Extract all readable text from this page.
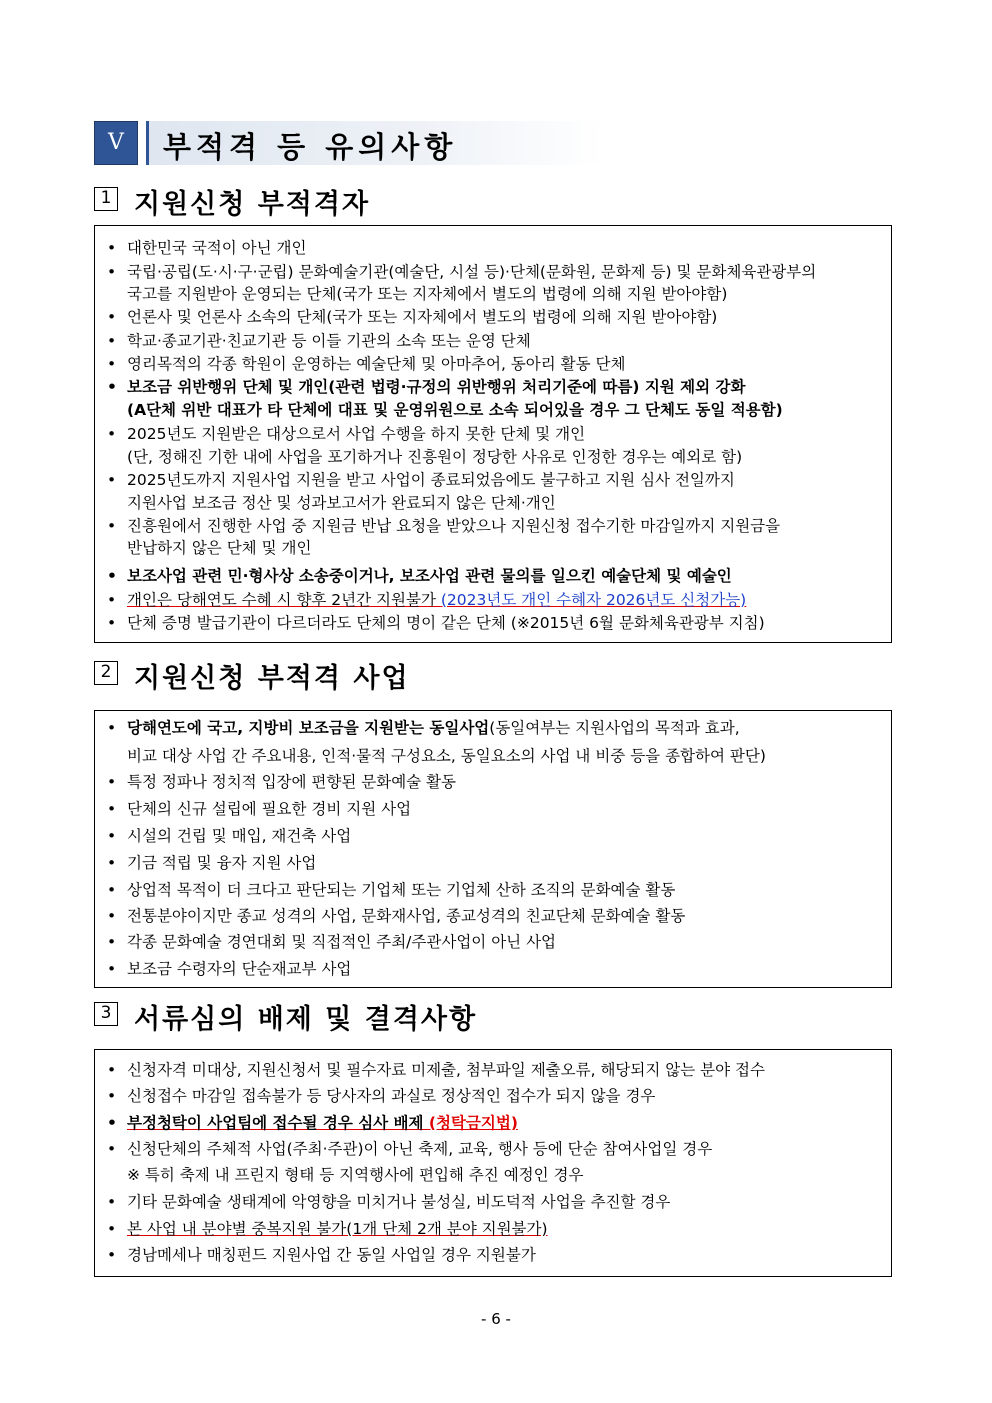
Ⅴ	부적격 등 유의사항
1 지원신청 부적격자
• 대한민국 국적이 아닌 개인
• 국립·공립(도·시·구·군립) 문화예술기관(예술단, 시설 등)·단체(문화원, 문화제 등) 및 문화체육관광부의
국고를 지원받아 운영되는 단체(국가 또는 지자체에서 별도의 법령에 의해 지원 받아야함)
• 언론사 및 언론사 소속의 단체(국가 또는 지자체에서 별도의 법령에 의해 지원 받아야함)
• 학교·종교기관·친교기관 등 이들 기관의 소속 또는 운영 단체
• 영리목적의 각종 학원이 운영하는 예술단체 및 아마추어, 동아리 활동 단체
• 보조금 위반행위 단체 및 개인(관련 법령·규정의 위반행위 처리기준에 따름) 지원 제외 강화
(A단체 위반 대표가 타 단체에 대표 및 운영위원으로 소속 되어있을 경우 그 단체도 동일 적용함)
• 2025년도 지원받은 대상으로서 사업 수행을 하지 못한 단체 및 개인
(단, 정해진 기한 내에 사업을 포기하거나 진흥원이 정당한 사유로 인정한 경우는 예외로 함)
• 2025년도까지 지원사업 지원을 받고 사업이 종료되었음에도 불구하고 지원 심사 전일까지
지원사업 보조금 정산 및 성과보고서가 완료되지 않은 단체·개인
• 진흥원에서 진행한 사업 중 지원금 반납 요청을 받았으나 지원신청 접수기한 마감일까지 지원금을
반납하지 않은 단체 및 개인
• 보조사업 관련 민·형사상 소송중이거나, 보조사업 관련 물의를 일으킨 예술단체 및 예술인
• 개인은 당해연도 수혜 시 향후 2년간 지원불가 (2023년도 개인 수혜자 2026년도 신청가능)
• 단체 증명 발급기관이 다르더라도 단체의 명이 같은 단체 (※2015년 6월 문화체육관광부 지침)
2 지원신청 부적격 사업
• 당해연도에 국고, 지방비 보조금을 지원받는 동일사업(동일여부는 지원사업의 목적과 효과,
비교 대상 사업 간 주요내용, 인적·물적 구성요소, 동일요소의 사업 내 비중 등을 종합하여 판단)
• 특정 정파나 정치적 입장에 편향된 문화예술 활동
• 단체의 신규 설립에 필요한 경비 지원 사업
• 시설의 건립 및 매입, 재건축 사업
• 기금 적립 및 융자 지원 사업
• 상업적 목적이 더 크다고 판단되는 기업체 또는 기업체 산하 조직의 문화예술 활동
• 전통분야이지만 종교 성격의 사업, 문화재사업, 종교성격의 친교단체 문화예술 활동
• 각종 문화예술 경연대회 및 직접적인 주최/주관사업이 아닌 사업
• 보조금 수령자의 단순재교부 사업
3 서류심의 배제 및 결격사항
• 신청자격 미대상, 지원신청서 및 필수자료 미제출, 첨부파일 제출오류, 해당되지 않는 분야 접수
• 신청접수 마감일 접속불가 등 당사자의 과실로 정상적인 접수가 되지 않을 경우
• 부정청탁이 사업팀에 접수될 경우 심사 배제 (청탁금지법)
• 신청단체의 주체적 사업(주최·주관)이 아닌 축제, 교육, 행사 등에 단순 참여사업일 경우
※ 특히 축제 내 프린지 형태 등 지역행사에 편입해 추진 예정인 경우
• 기타 문화예술 생태계에 악영향을 미치거나 불성실, 비도덕적 사업을 추진할 경우
• 본 사업 내 분야별 중복지원 불가(1개 단체 2개 분야 지원불가)
• 경남메세나 매칭펀드 지원사업 간 동일 사업일 경우 지원불가
- 6 -
